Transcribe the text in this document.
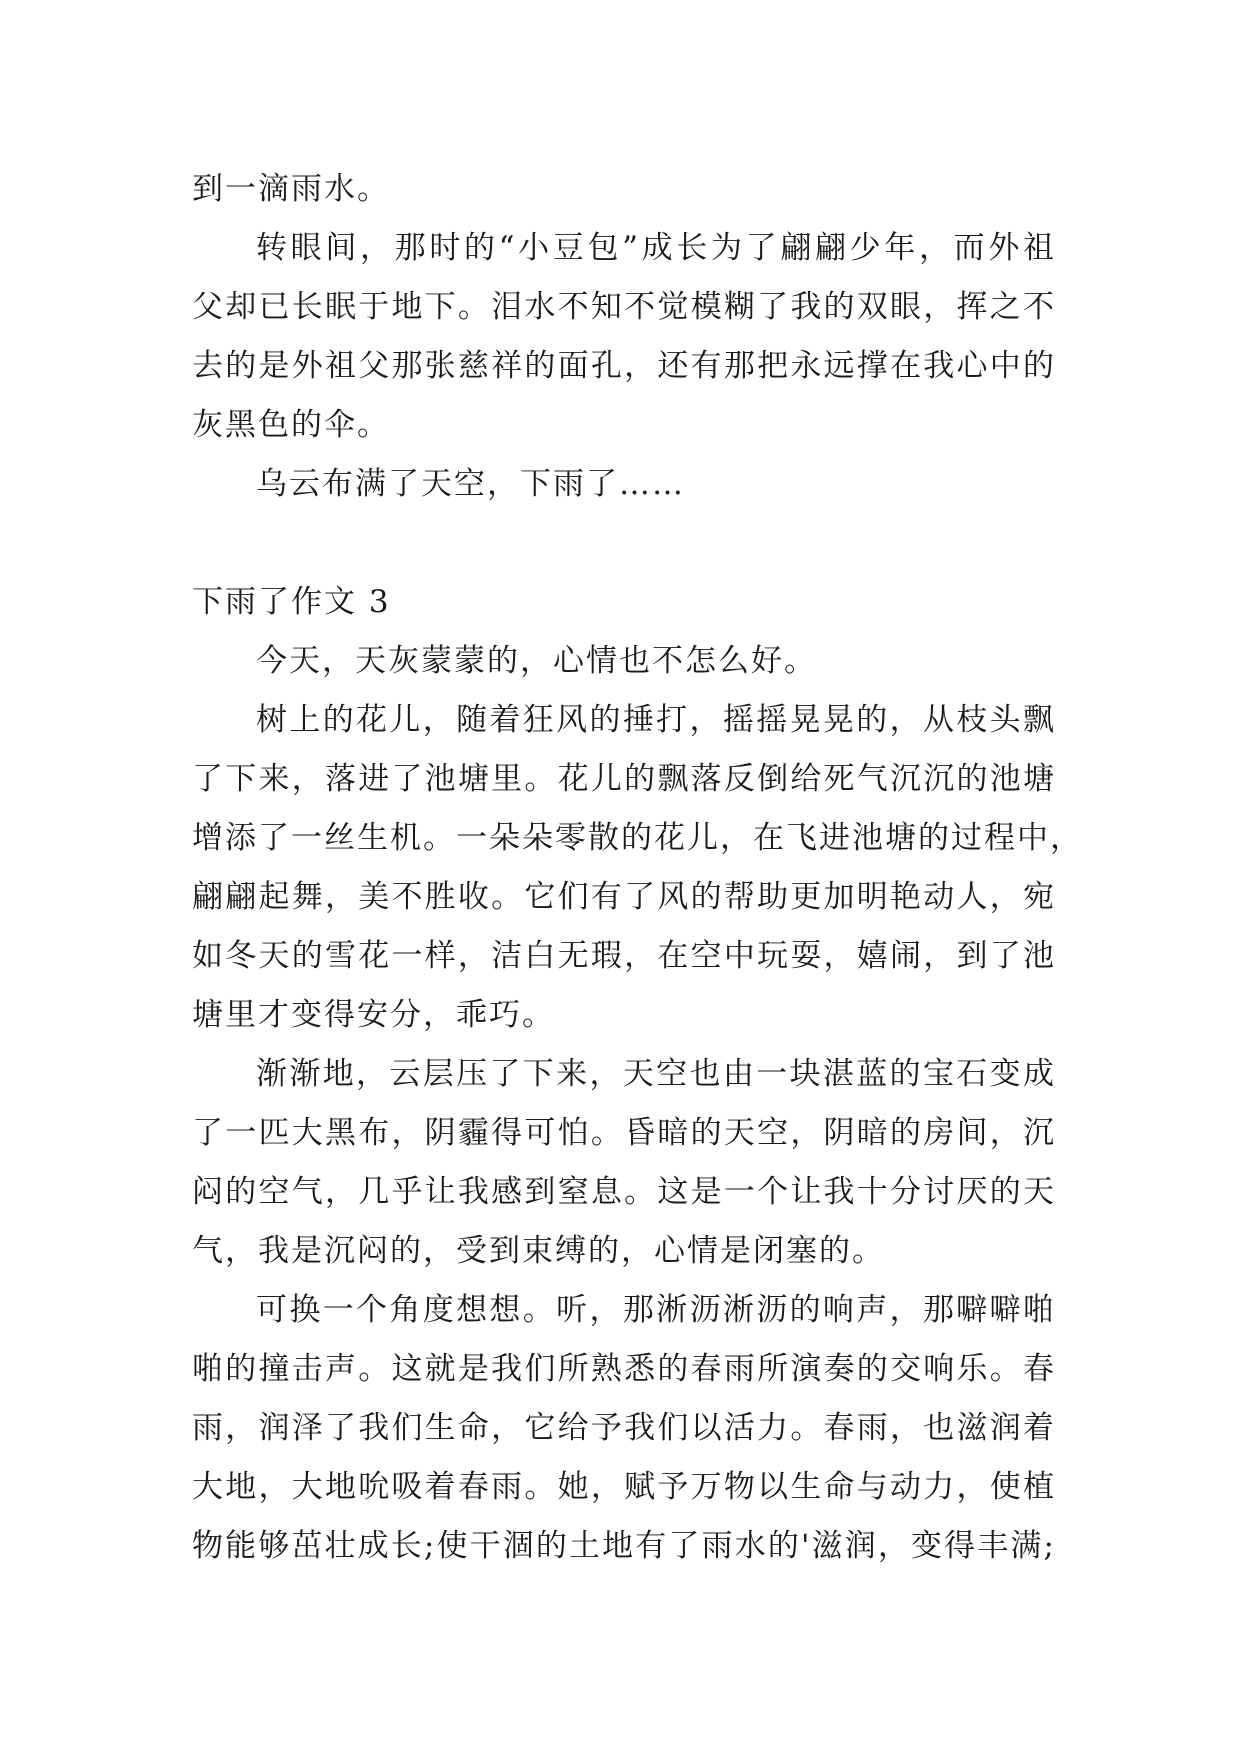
到一滴雨水。
转眼间，那时的“小豆包”成长为了翩翩少年，而外祖
父却已长眠于地下。泪水不知不觉模糊了我的双眼，挥之不
去的是外祖父那张慈祥的面孔，还有那把永远撑在我心中的
灰黑色的伞。
乌云布满了天空，下雨了……
下雨了作文 3
今天，天灰蒙蒙的，心情也不怎么好。
树上的花儿，随着狂风的捶打，摇摇晃晃的，从枝头飘
了下来，落进了池塘里。花儿的飘落反倒给死气沉沉的池塘
增添了一丝生机。一朵朵零散的花儿，在飞进池塘的过程中，
翩翩起舞，美不胜收。它们有了风的帮助更加明艳动人，宛
如冬天的雪花一样，洁白无瑕，在空中玩耍，嬉闹，到了池
塘里才变得安分，乖巧。
渐渐地，云层压了下来，天空也由一块湛蓝的宝石变成
了一匹大黑布，阴霾得可怕。昏暗的天空，阴暗的房间，沉
闷的空气，几乎让我感到窒息。这是一个让我十分讨厌的天
气，我是沉闷的，受到束缚的，心情是闭塞的。
可换一个角度想想。听，那淅沥淅沥的响声，那噼噼啪
啪的撞击声。这就是我们所熟悉的春雨所演奏的交响乐。春
雨，润泽了我们生命，它给予我们以活力。春雨，也滋润着
大地，大地吮吸着春雨。她，赋予万物以生命与动力，使植
物能够茁壮成长;使干涸的土地有了雨水的'滋润，变得丰满;
